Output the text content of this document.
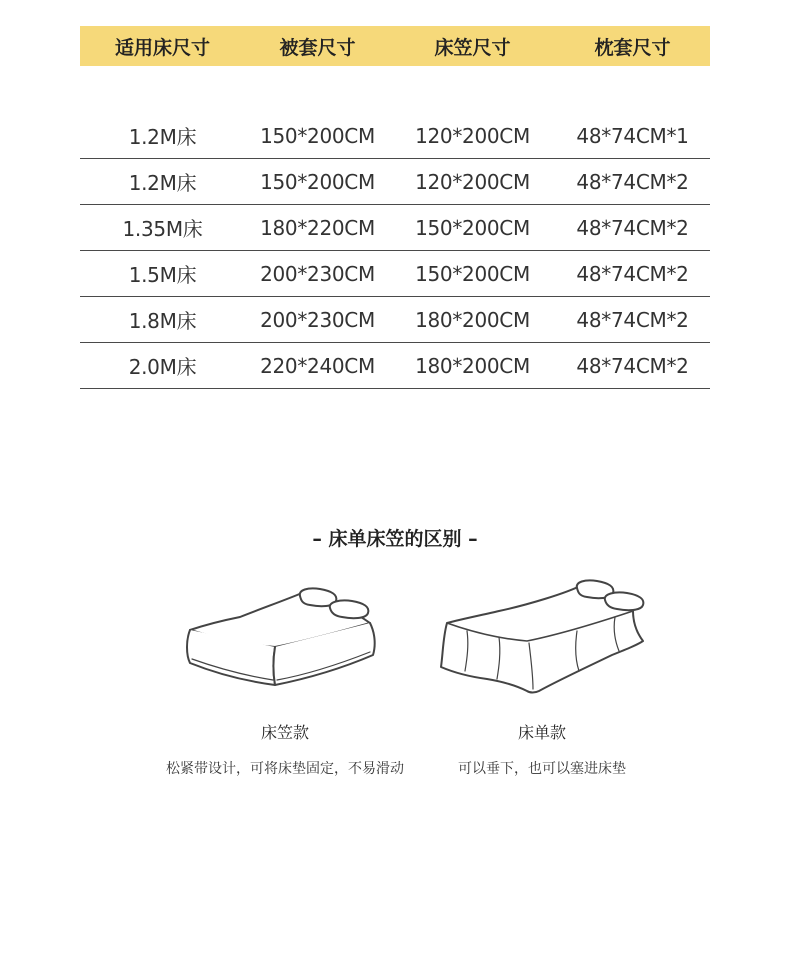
适用床尺寸	被套尺寸	床笠尺寸	枕套尺寸
1.2M床	150*200CM	120*200CM	48*74CM*1
1.2M床	150*200CM	120*200CM	48*74CM*2
1.35M床	180*220CM	150*200CM	48*74CM*2
1.5M床	200*230CM	150*200CM	48*74CM*2
1.8M床	200*230CM	180*200CM	48*74CM*2
2.0M床	220*240CM	180*200CM	48*74CM*2
– 床单床笠的区别 –
床笠款
松紧带设计，可将床垫固定，不易滑动
床单款
可以垂下，也可以塞进床垫
